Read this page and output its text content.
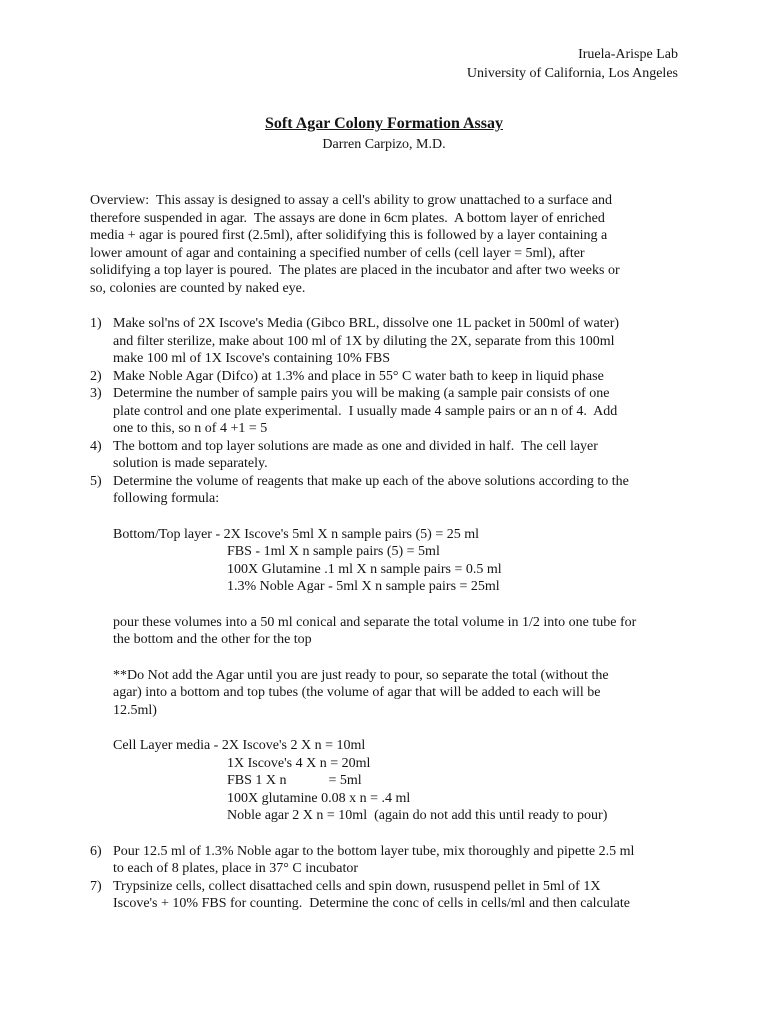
Iruela-Arispe Lab
University of California, Los Angeles
Soft Agar Colony Formation Assay
Darren Carpizo, M.D.

Overview:  This assay is designed to assay a cell's ability to grow unattached to a surface and
therefore suspended in agar.  The assays are done in 6cm plates.  A bottom layer of enriched
media + agar is poured first (2.5ml), after solidifying this is followed by a layer containing a
lower amount of agar and containing a specified number of cells (cell layer = 5ml), after
solidifying a top layer is poured.  The plates are placed in the incubator and after two weeks or
so, colonies are counted by naked eye.

1) Make sol'ns of 2X Iscove's Media (Gibco BRL, dissolve one 1L packet in 500ml of water)
and filter sterilize, make about 100 ml of 1X by diluting the 2X, separate from this 100ml
make 100 ml of 1X Iscove's containing 10% FBS
2) Make Noble Agar (Difco) at 1.3% and place in 55° C water bath to keep in liquid phase
3) Determine the number of sample pairs you will be making (a sample pair consists of one
plate control and one plate experimental.  I usually made 4 sample pairs or an n of 4.  Add
one to this, so n of 4 +1 = 5
4) The bottom and top layer solutions are made as one and divided in half.  The cell layer
solution is made separately.
5) Determine the volume of reagents that make up each of the above solutions according to the
following formula:
Bottom/Top layer - 2X Iscove's 5ml X n sample pairs (5) = 25 ml
FBS - 1ml X n sample pairs (5) = 5ml
100X Glutamine .1 ml X n sample pairs = 0.5 ml
1.3% Noble Agar - 5ml X n sample pairs = 25ml
pour these volumes into a 50 ml conical and separate the total volume in 1/2 into one tube for
the bottom and the other for the top
**Do Not add the Agar until you are just ready to pour, so separate the total (without the
agar) into a bottom and top tubes (the volume of agar that will be added to each will be
12.5ml)
Cell Layer media - 2X Iscove's 2 X n = 10ml
1X Iscove's 4 X n = 20ml
FBS 1 X n            = 5ml
100X glutamine 0.08 x n = .4 ml
Noble agar 2 X n = 10ml  (again do not add this until ready to pour)
6) Pour 12.5 ml of 1.3% Noble agar to the bottom layer tube, mix thoroughly and pipette 2.5 ml
to each of 8 plates, place in 37° C incubator
7) Trypsinize cells, collect disattached cells and spin down, rususpend pellet in 5ml of 1X
Iscove's + 10% FBS for counting.  Determine the conc of cells in cells/ml and then calculate
